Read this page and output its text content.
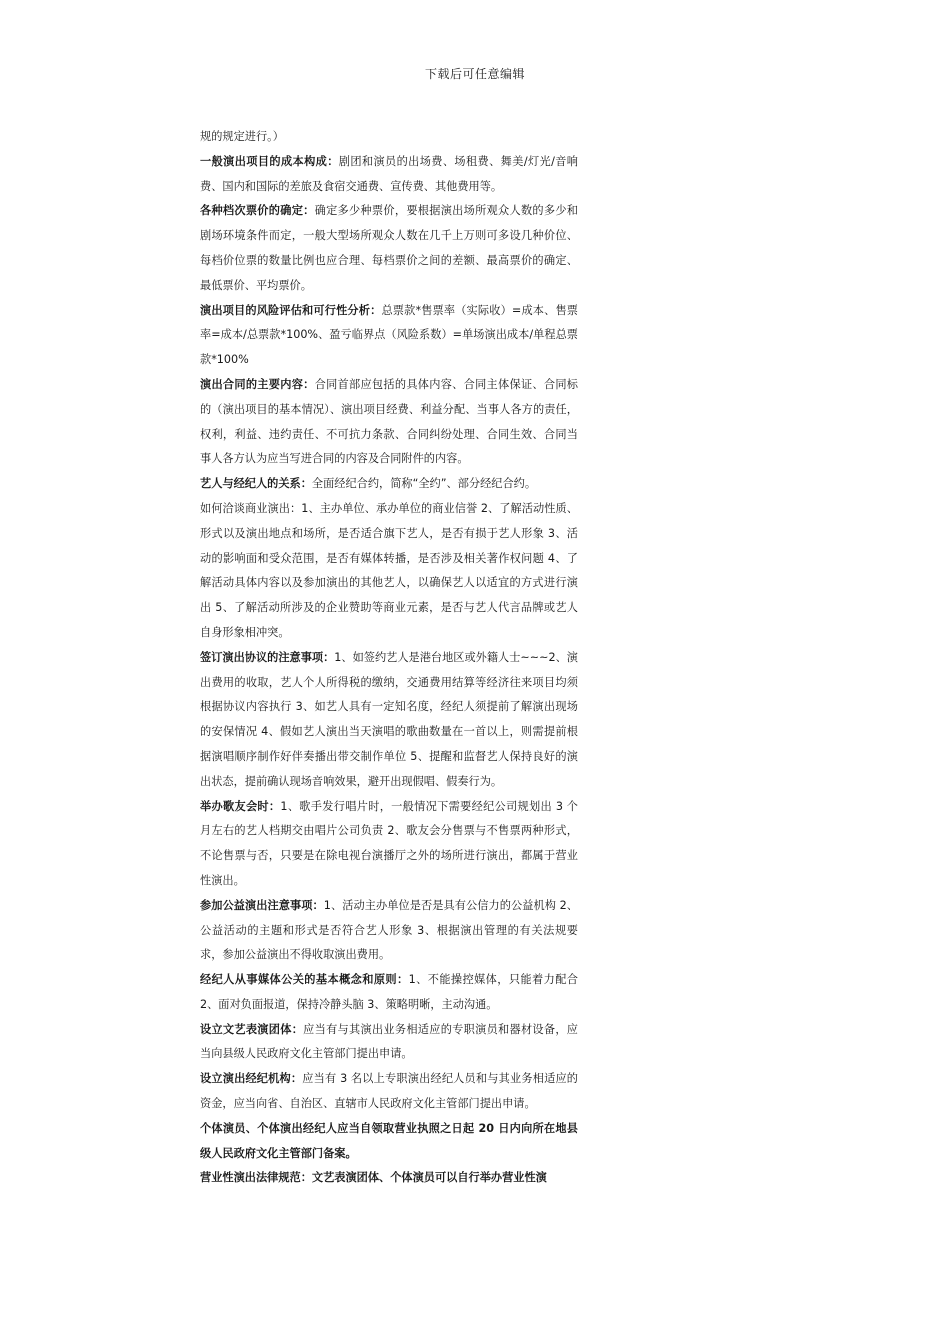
下载后可任意编辑

规的规定进行。）

一般演出项目的成本构成：剧团和演员的出场费、场租费、舞美/灯光/音响费、国内和国际的差旅及食宿交通费、宣传费、其他费用等。

各种档次票价的确定：确定多少种票价，要根据演出场所观众人数的多少和剧场环境条件而定，一般大型场所观众人数在几千上万则可多设几种价位、每档价位票的数量比例也应合理、每档票价之间的差额、最高票价的确定、最低票价、平均票价。

演出项目的风险评估和可行性分析：总票款*售票率（实际收）=成本、售票率=成本/总票款*100%、盈亏临界点（风险系数）=单场演出成本/单程总票款*100%

演出合同的主要内容：合同首部应包括的具体内容、合同主体保证、合同标的（演出项目的基本情况）、演出项目经费、利益分配、当事人各方的责任，权利，利益、违约责任、不可抗力条款、合同纠纷处理、合同生效、合同当事人各方认为应当写进合同的内容及合同附件的内容。

艺人与经纪人的关系：全面经纪合约，简称“全约”、部分经纪合约。

如何洽谈商业演出：1、主办单位、承办单位的商业信誉 2、了解活动性质、形式以及演出地点和场所，是否适合旗下艺人，是否有损于艺人形象 3、活动的影响面和受众范围，是否有媒体转播，是否涉及相关著作权问题 4、了解活动具体内容以及参加演出的其他艺人，以确保艺人以适宜的方式进行演出 5、了解活动所涉及的企业赞助等商业元素，是否与艺人代言品牌或艺人自身形象相冲突。

签订演出协议的注意事项：1、如签约艺人是港台地区或外籍人士~~~2、演出费用的收取，艺人个人所得税的缴纳，交通费用结算等经济往来项目均须根据协议内容执行 3、如艺人具有一定知名度，经纪人须提前了解演出现场的安保情况 4、假如艺人演出当天演唱的歌曲数量在一首以上，则需提前根据演唱顺序制作好伴奏播出带交制作单位 5、提醒和监督艺人保持良好的演出状态，提前确认现场音响效果，避开出现假唱、假奏行为。

举办歌友会时：1、歌手发行唱片时，一般情况下需要经纪公司规划出 3 个月左右的艺人档期交由唱片公司负责 2、歌友会分售票与不售票两种形式，不论售票与否，只要是在除电视台演播厅之外的场所进行演出，都属于营业性演出。

参加公益演出注意事项：1、活动主办单位是否是具有公信力的公益机构 2、公益活动的主题和形式是否符合艺人形象 3、根据演出管理的有关法规要求，参加公益演出不得收取演出费用。

经纪人从事媒体公关的基本概念和原则：1、不能操控媒体，只能着力配合 2、面对负面报道，保持冷静头脑 3、策略明晰，主动沟通。

设立文艺表演团体：应当有与其演出业务相适应的专职演员和器材设备，应当向县级人民政府文化主管部门提出申请。

设立演出经纪机构：应当有 3 名以上专职演出经纪人员和与其业务相适应的资金，应当向省、自治区、直辖市人民政府文化主管部门提出申请。

个体演员、个体演出经纪人应当自领取营业执照之日起 20 日内向所在地县级人民政府文化主管部门备案。

营业性演出法律规范：文艺表演团体、个体演员可以自行举办营业性演
